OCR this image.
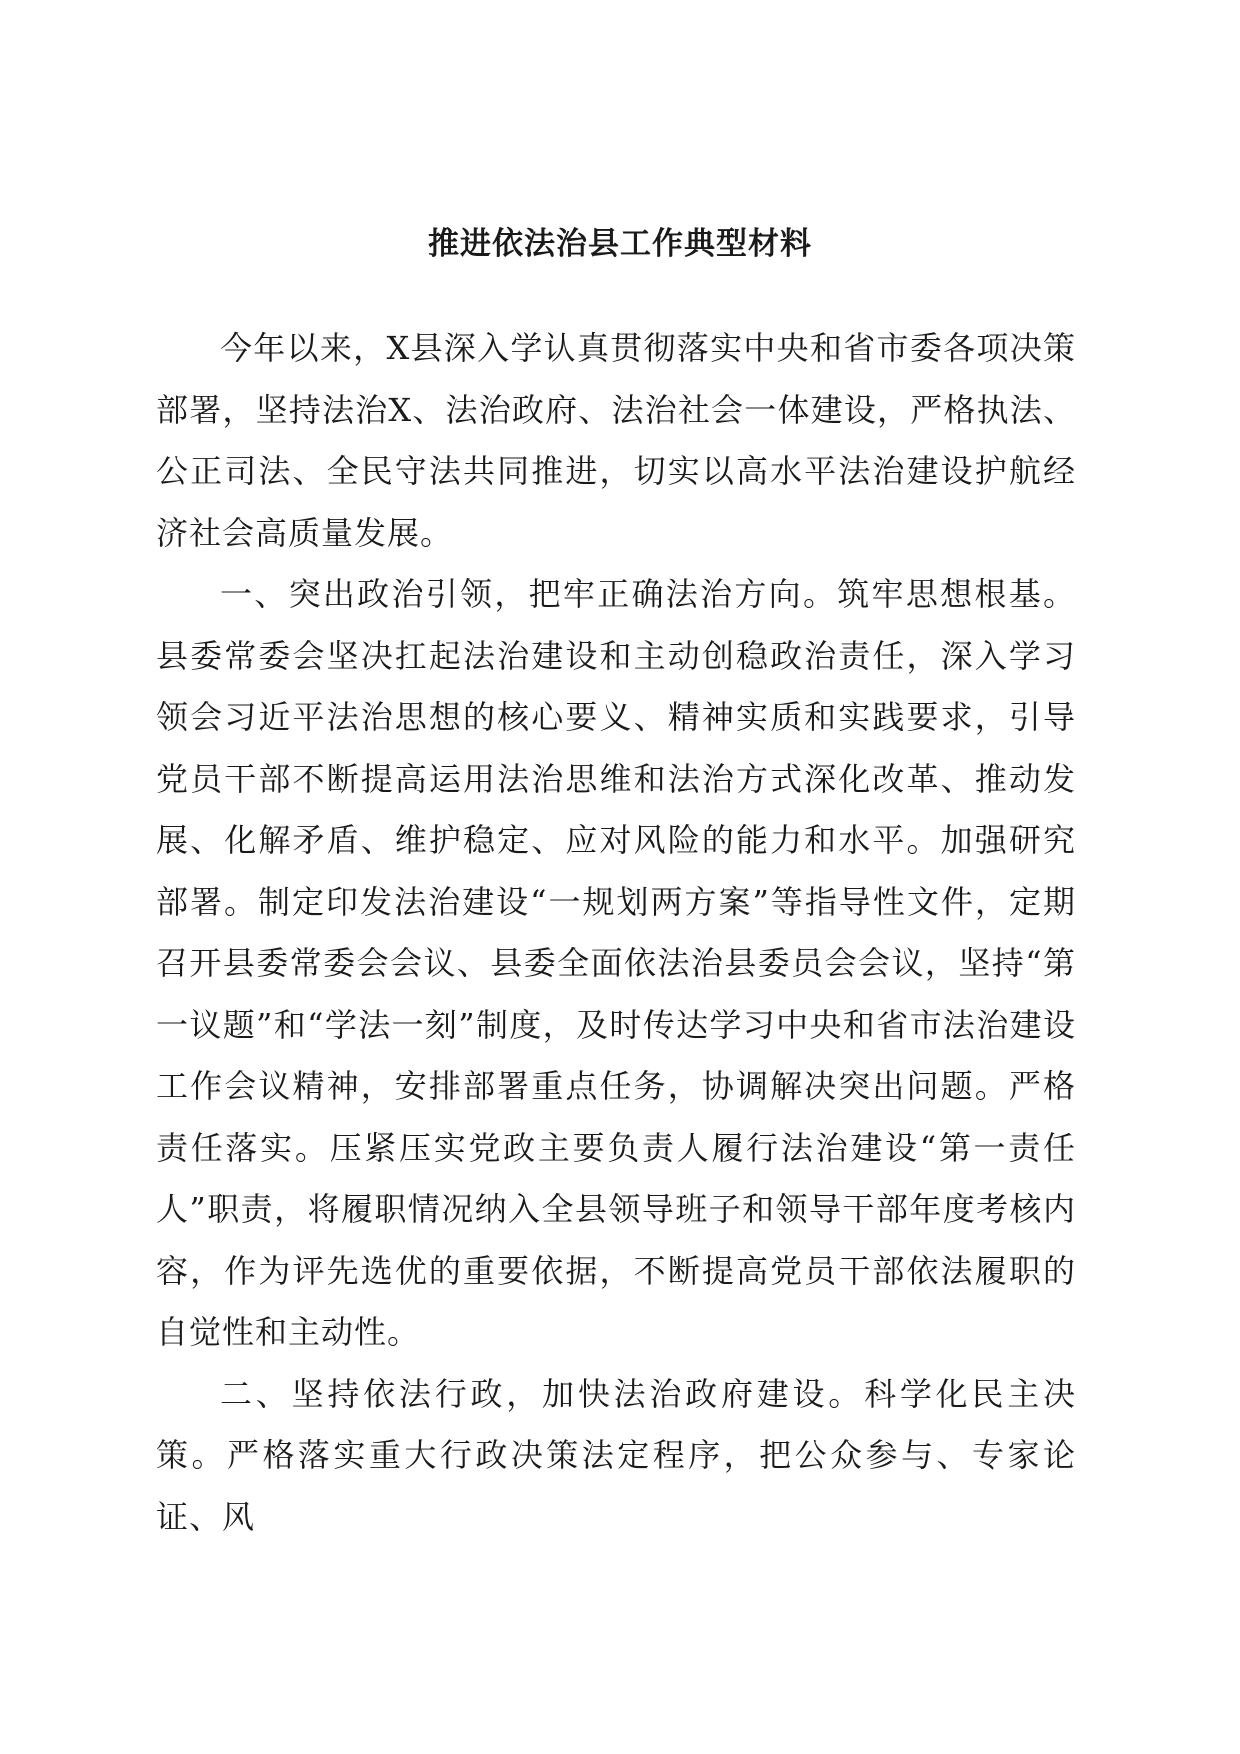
推进依法治县工作典型材料

今年以来，X县深入学认真贯彻落实中央和省市委各项决策部署，坚持法治X、法治政府、法治社会一体建设，严格执法、公正司法、全民守法共同推进，切实以高水平法治建设护航经济社会高质量发展。

一、突出政治引领，把牢正确法治方向。筑牢思想根基。县委常委会坚决扛起法治建设和主动创稳政治责任，深入学习领会习近平法治思想的核心要义、精神实质和实践要求，引导党员干部不断提高运用法治思维和法治方式深化改革、推动发展、化解矛盾、维护稳定、应对风险的能力和水平。加强研究部署。制定印发法治建设“一规划两方案”等指导性文件，定期召开县委常委会会议、县委全面依法治县委员会会议，坚持“第一议题”和“学法一刻”制度，及时传达学习中央和省市法治建设工作会议精神，安排部署重点任务，协调解决突出问题。严格责任落实。压紧压实党政主要负责人履行法治建设“第一责任人”职责，将履职情况纳入全县领导班子和领导干部年度考核内容，作为评先选优的重要依据，不断提高党员干部依法履职的自觉性和主动性。

二、坚持依法行政，加快法治政府建设。科学化民主决策。严格落实重大行政决策法定程序，把公众参与、专家论证、风
